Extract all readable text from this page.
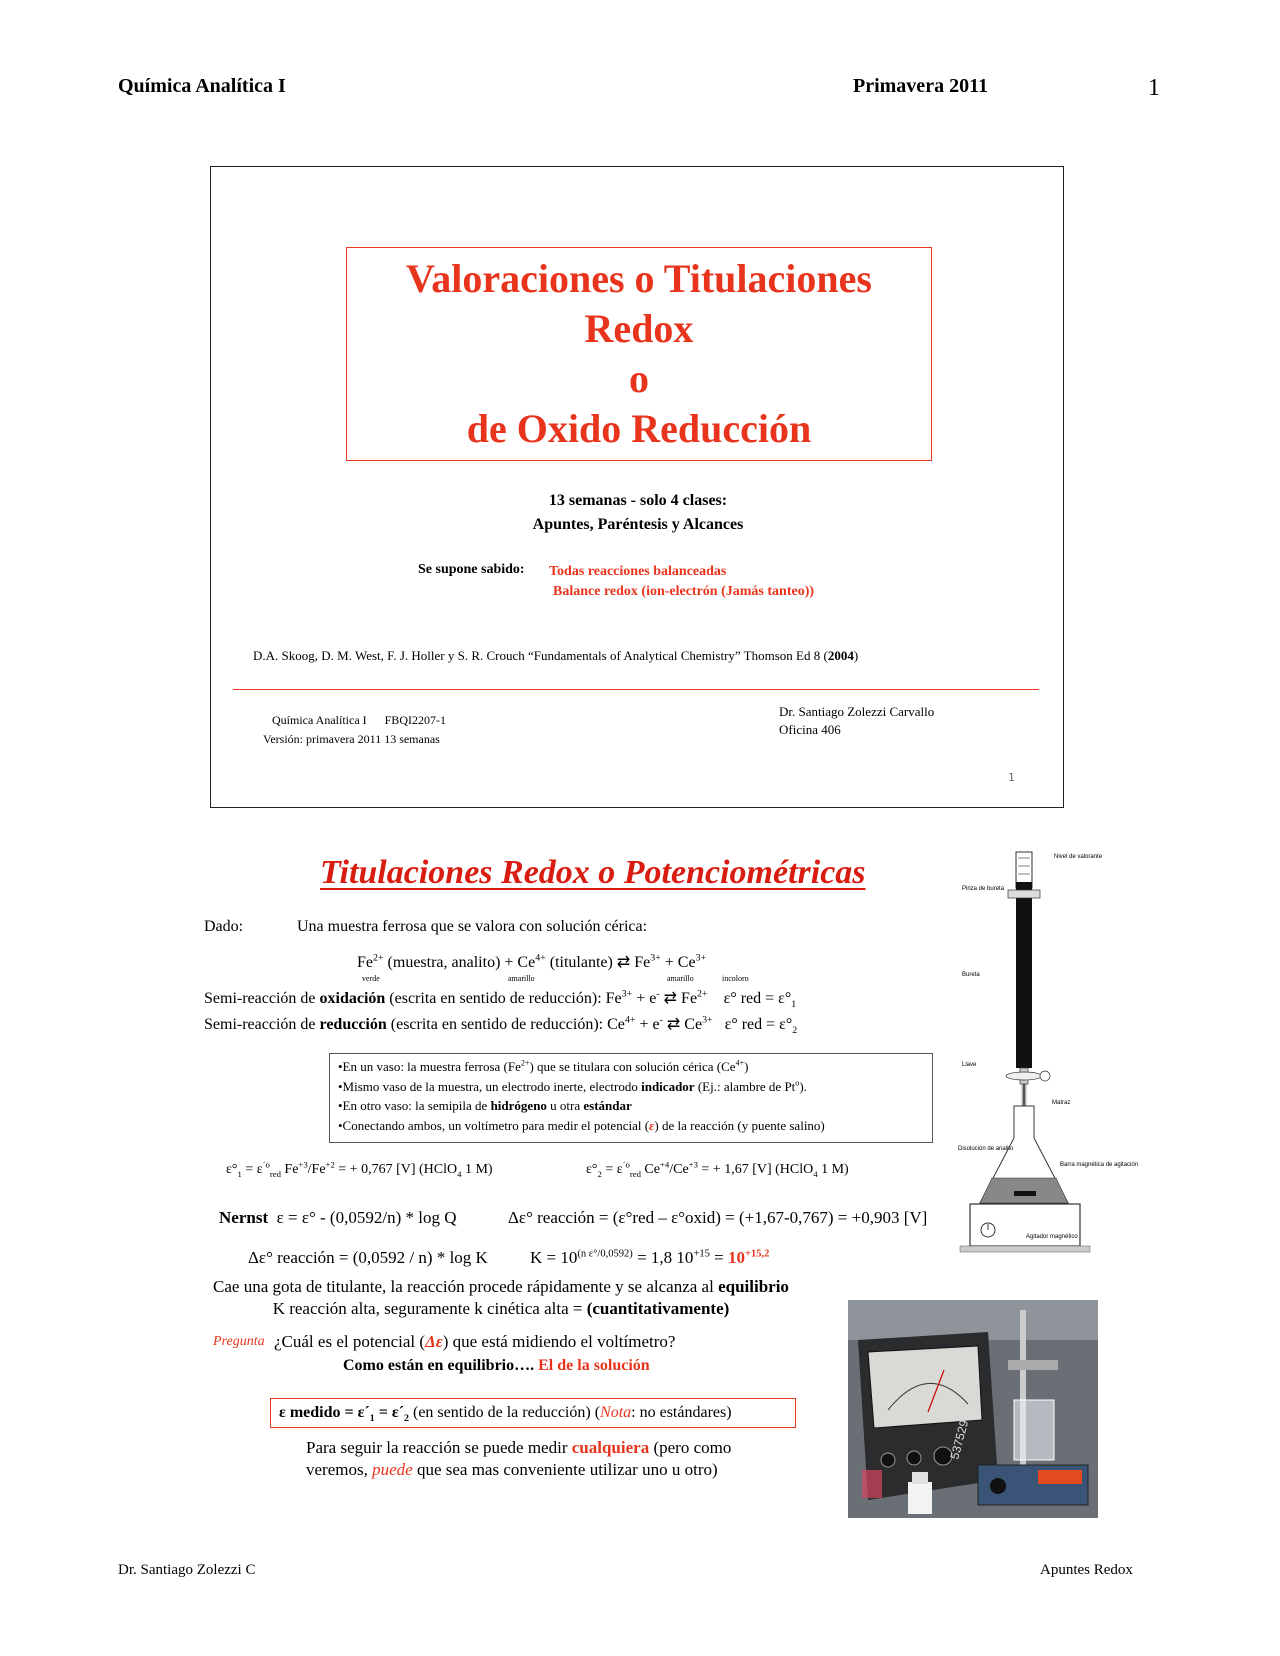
Química Analítica I	Primavera 2011	1
Valoraciones o Titulaciones
Redox
o
de Oxido Reducción
13 semanas - solo 4 clases:
Apuntes, Paréntesis y Alcances
Se supone sabido: Todas reacciones balanceadas
Balance redox (ion-electrón (Jamás tanteo))
D.A. Skoog, D. M. West, F. J. Holler y S. R. Crouch “Fundamentals of Analytical Chemistry” Thomson Ed 8 (2004)
Química Analítica I      FBQI2207-1
Versión: primavera 2011 13 semanas
Dr. Santiago Zolezzi Carvallo
Oficina 406
1
Titulaciones Redox o Potenciométricas
Dado:	Una muestra ferrosa que se valora con solución cérica:
$Fe^{2+}$ (muestra, analito) + $Ce^{4+}$ (titulante) ⇄ $Fe^{3+} + Ce^{3+}$
verde	amarillo	amarillo	incoloro
Semi-reacción de oxidación (escrita en sentido de reducción): $Fe^{3+} + e^-$ ⇄ $Fe^{2+}$    ε° red = $\varepsilon^\circ_1$
Semi-reacción de reducción (escrita en sentido de reducción): $Ce^{4+} + e^-$ ⇄ $Ce^{3+}$   ε° red = $\varepsilon^\circ_2$
•En un vaso: la muestra ferrosa $(Fe^{2+})$ que se titulara con solución cérica $(Ce^{4+})$
•Mismo vaso de la muestra, un electrodo inerte, electrodo indicador (Ej.: alambre de Pt$^o$).
•En otro vaso: la semipila de hidrógeno u otra estándar
•Conectando ambos, un voltímetro para medir el potencial (ε) de la reacción (y puente salino)
$\varepsilon^\circ_1 = \varepsilon^{´o}_{red}$ $Fe^{+3}/Fe^{+2}$ = + 0,767 [V] (HClO$_4$ 1 M)	$\varepsilon^\circ_2 = \varepsilon^{´o}_{red}$ $Ce^{+4}/Ce^{+3}$ = + 1,67 [V] (HClO$_4$ 1 M)
Nernst  ε = ε° - (0,0592/n) * log Q	Δε° reacción = (ε°red – ε°oxid) = (+1,67-0,767) = +0,903 [V]
Δε° reacción = (0,0592 / n) * log K $K = 10^{(n \varepsilon^\circ/0,0592)} = 1,8$ $10^{+15} = 10^{+15,2}$
Cae una gota de titulante, la reacción procede rápidamente y se alcanza al equilibrio
K reacción alta, seguramente k cinética alta = (cuantitativamente)
Pregunta ¿Cuál es el potencial (Δε) que está midiendo el voltímetro?
Como están en equilibrio…. El de la solución
ε medido = $\varepsilon´_1$ = $\varepsilon´_2$ (en sentido de la reducción) (Nota: no estándares)
Para seguir la reacción se puede medir cualquiera (pero como
veremos, puede que sea mas conveniente utilizar uno u otro)
Nivel de valorante
Pinza de bureta
Bureta
Llave
Matraz
Disolución de analito
Barra magnética de agitación
Agitador magnético
537529
Dr. Santiago Zolezzi C	Apuntes Redox
